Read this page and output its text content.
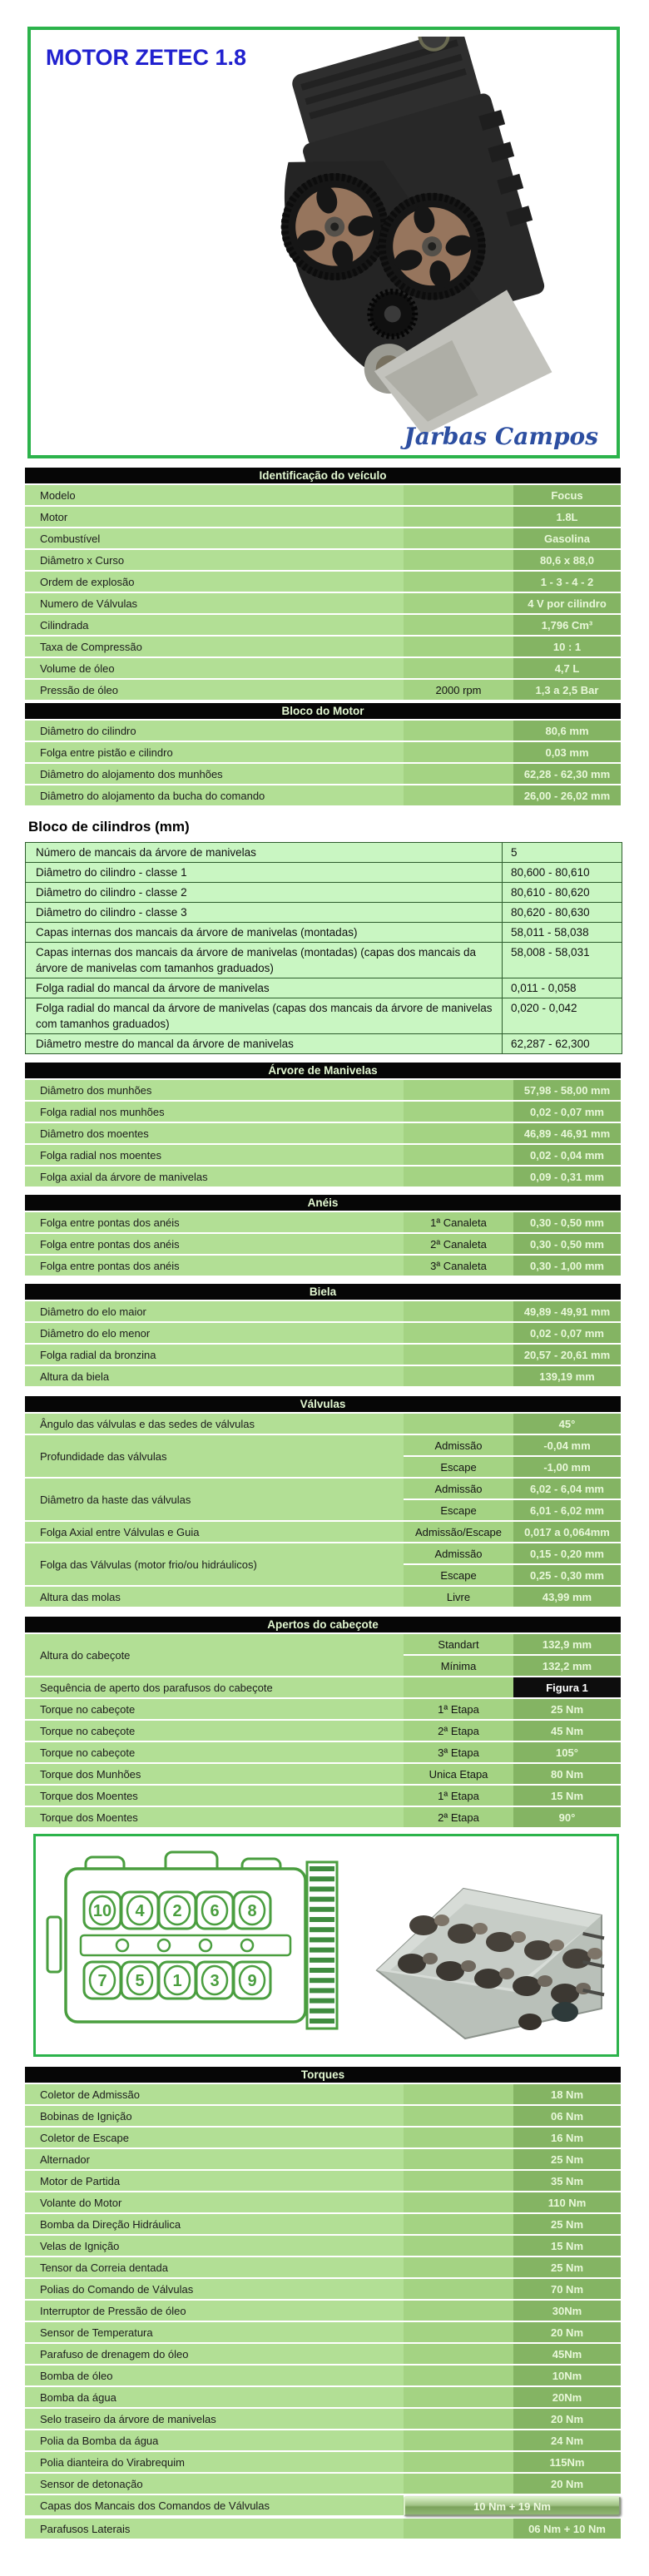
MOTOR ZETEC 1.8
Jarbas Campos
Identificação do veículo
Modelo	Focus
Motor	1.8L
Combustível	Gasolina
Diâmetro x Curso	80,6 x 88,0
Ordem de explosão	1 - 3 - 4 - 2
Numero de Válvulas	4 V por cilindro
Cilindrada	1,796 Cm³
Taxa de Compressão	10 : 1
Volume de óleo	4,7 L
Pressão de óleo	2000 rpm	1,3 a 2,5 Bar
Bloco do Motor
Diâmetro do cilindro	80,6 mm
Folga entre pistão e cilindro	0,03 mm
Diâmetro do alojamento dos munhões	62,28 - 62,30 mm
Diâmetro do alojamento da bucha do comando	26,00 - 26,02 mm
Bloco de cilindros (mm)
Número de mancais da árvore de manivelas	5
Diâmetro do cilindro - classe 1	80,600 - 80,610
Diâmetro do cilindro - classe 2	80,610 - 80,620
Diâmetro do cilindro - classe 3	80,620 - 80,630
Capas internas dos mancais da árvore de manivelas (montadas)	58,011 - 58,038
Capas internas dos mancais da árvore de manivelas (montadas) (capas dos mancais da árvore de manivelas com tamanhos graduados)
58,008 - 58,031
Folga radial do mancal da árvore de manivelas	0,011 - 0,058
Folga radial do mancal da árvore de manivelas (capas dos mancais da árvore de manivelas com tamanhos graduados)
0,020 - 0,042
Diâmetro mestre do mancal da árvore de manivelas	62,287 - 62,300
Árvore de Manivelas
Diâmetro dos munhões	57,98 - 58,00 mm
Folga radial nos munhões	0,02 - 0,07 mm
Diâmetro dos moentes	46,89 - 46,91 mm
Folga radial nos moentes	0,02 - 0,04 mm
Folga axial da árvore de manivelas	0,09 - 0,31 mm
Anéis
Folga entre pontas dos anéis	1ª Canaleta	0,30 - 0,50 mm
Folga entre pontas dos anéis	2ª Canaleta	0,30 - 0,50 mm
Folga entre pontas dos anéis	3ª Canaleta	0,30 - 1,00 mm
Biela
Diâmetro do elo maior	49,89 - 49,91 mm
Diâmetro do elo menor	0,02 - 0,07 mm
Folga radial da bronzina	20,57 - 20,61 mm
Altura da biela	139,19 mm
Válvulas
Ângulo das válvulas e das sedes de válvulas	45°
Profundidade das válvulas
Admissão	-0,04 mm
Escape	-1,00 mm
Diâmetro da haste das válvulas
Admissão	6,02 - 6,04 mm
Escape	6,01 - 6,02 mm
Folga Axial entre Válvulas e Guia	Admissão/Escape 0,017 a 0,064mm
Folga das Válvulas (motor frio/ou hidráulicos)
Admissão	0,15 - 0,20 mm
Escape	0,25 - 0,30 mm
Altura das molas	Livre	43,99 mm
Apertos do cabeçote
Altura do cabeçote
Standart	132,9 mm
Mínima	132,2 mm
Sequência de aperto dos parafusos do cabeçote	Figura 1
Torque no cabeçote	1ª Etapa	25 Nm
Torque no cabeçote	2ª Etapa	45 Nm
Torque no cabeçote	3ª Etapa	105°
Torque dos Munhões	Unica Etapa	80 Nm
Torque dos Moentes	1ª Etapa	15 Nm
Torque dos Moentes	2ª Etapa	90°
10 4 2 6 8
7 5 1 3 9
Torques
Coletor de Admissão	18 Nm
Bobinas de Ignição	06 Nm
Coletor de Escape	16 Nm
Alternador	25 Nm
Motor de Partida	35 Nm
Volante do Motor	110 Nm
Bomba da Direção Hidráulica	25 Nm
Velas de Ignição	15 Nm
Tensor da Correia dentada	25 Nm
Polias do Comando de Válvulas	70 Nm
Interruptor de Pressão de óleo	30Nm
Sensor de Temperatura	20 Nm
Parafuso de drenagem do óleo	45Nm
Bomba de óleo	10Nm
Bomba da água	20Nm
Selo traseiro da árvore de manivelas	20 Nm
Polia da Bomba da água	24 Nm
Polia dianteira do Virabrequim	115Nm
Sensor de detonação	20 Nm
Capas dos Mancais dos Comandos de Válvulas	10 Nm + 19 Nm
Parafusos Laterais	06 Nm + 10 Nm
